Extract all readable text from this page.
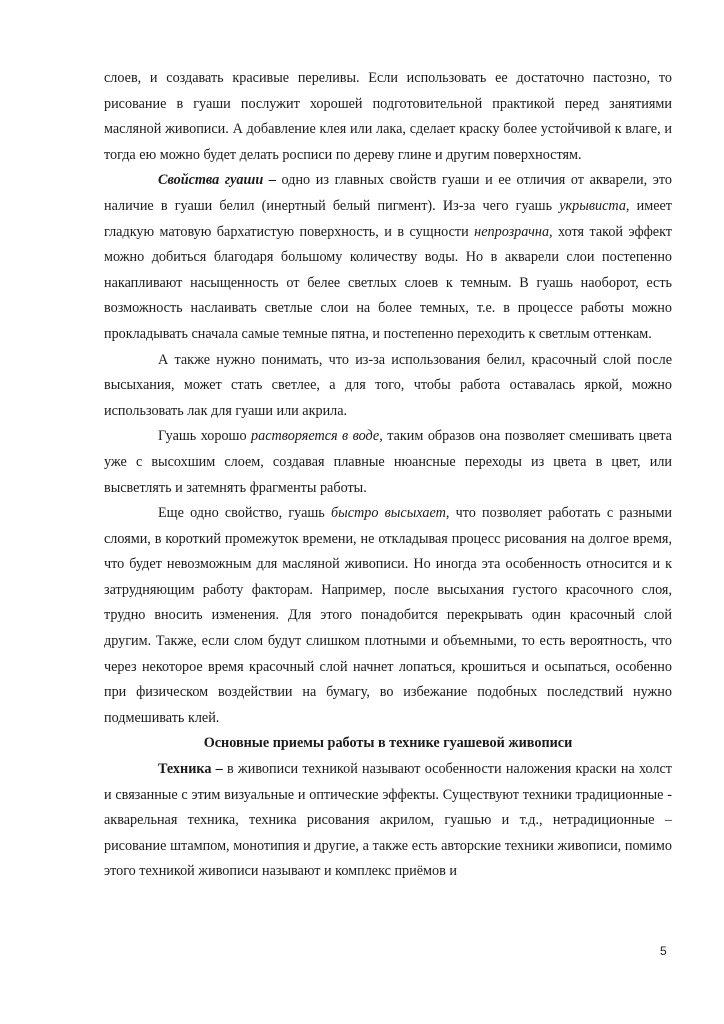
слоев, и создавать красивые переливы. Если использовать ее достаточно пастозно, то рисование в гуаши послужит хорошей подготовительной практикой перед занятиями масляной живописи. А добавление клея или лака, сделает краску более устойчивой к влаге, и тогда ею можно будет делать росписи по дереву глине и другим поверхностям.

Свойства гуаши – одно из главных свойств гуаши и ее отличия от акварели, это наличие в гуаши белил (инертный белый пигмент). Из-за чего гуашь укрывиста, имеет гладкую матовую бархатистую поверхность, и в сущности непрозрачна, хотя такой эффект можно добиться благодаря большому количеству воды. Но в акварели слои постепенно накапливают насыщенность от белее светлых слоев к темным. В гуашь наоборот, есть возможность наслаивать светлые слои на более темных, т.е. в процессе работы можно прокладывать сначала самые темные пятна, и постепенно переходить к светлым оттенкам.

А также нужно понимать, что из-за использования белил, красочный слой после высыхания, может стать светлее, а для того, чтобы работа оставалась яркой, можно использовать лак для гуаши или акрила.

Гуашь хорошо растворяется в воде, таким образов она позволяет смешивать цвета уже с высохшим слоем, создавая плавные нюансные переходы из цвета в цвет, или высветлять и затемнять фрагменты работы.

Еще одно свойство, гуашь быстро высыхает, что позволяет работать с разными слоями, в короткий промежуток времени, не откладывая процесс рисования на долгое время, что будет невозможным для масляной живописи. Но иногда эта особенность относится и к затрудняющим работу факторам. Например, после высыхания густого красочного слоя, трудно вносить изменения. Для этого понадобится перекрывать один красочный слой другим. Также, если слом будут слишком плотными и объемными, то есть вероятность, что через некоторое время красочный слой начнет лопаться, крошиться и осыпаться, особенно при физическом воздействии на бумагу, во избежание подобных последствий нужно подмешивать клей.

Основные приемы работы в технике гуашевой живописи

Техника – в живописи техникой называют особенности наложения краски на холст и связанные с этим визуальные и оптические эффекты. Существуют техники традиционные - акварельная техника, техника рисования акрилом, гуашью и т.д., нетрадиционные – рисование штампом, монотипия и другие, а также есть авторские техники живописи, помимо этого техникой живописи называют и комплекс приёмов и

5
